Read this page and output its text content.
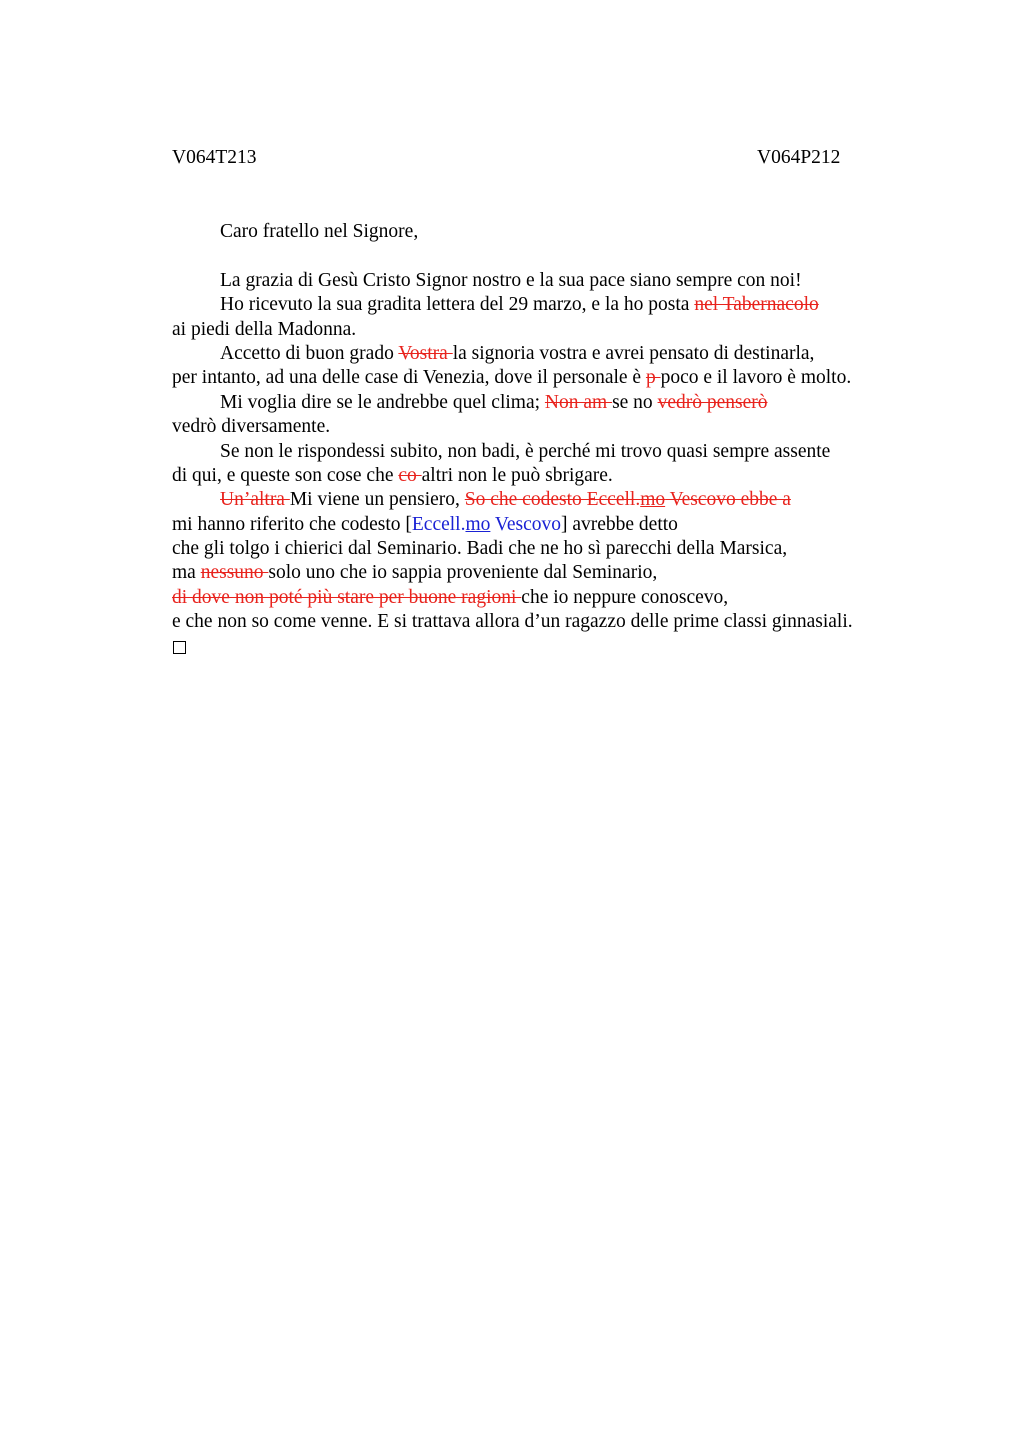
V064T213	V064P212
Caro fratello nel Signore,
La grazia di Gesù Cristo Signor nostro e la sua pace siano sempre con noi!
Ho ricevuto la sua gradita lettera del 29 marzo, e la ho posta nel Tabernacolo
ai piedi della Madonna.
Accetto di buon grado Vostra la signoria vostra e avrei pensato di destinarla,
per intanto, ad una delle case di Venezia, dove il personale è p poco e il lavoro è molto.
Mi voglia dire se le andrebbe quel clima; Non am se no vedrò penserò
vedrò diversamente.
Se non le rispondessi subito, non badi, è perché mi trovo quasi sempre assente
di qui, e queste son cose che co altri non le può sbrigare.
Un’altra Mi viene un pensiero, So che codesto Eccell.mo Vescovo ebbe a
mi hanno riferito che codesto [Eccell.mo Vescovo] avrebbe detto
che gli tolgo i chierici dal Seminario. Badi che ne ho sì parecchi della Marsica,
ma nessuno solo uno che io sappia proveniente dal Seminario,
di dove non poté più stare per buone ragioni che io neppure conoscevo,
e che non so come venne. E si trattava allora d’un ragazzo delle prime classi ginnasiali.
